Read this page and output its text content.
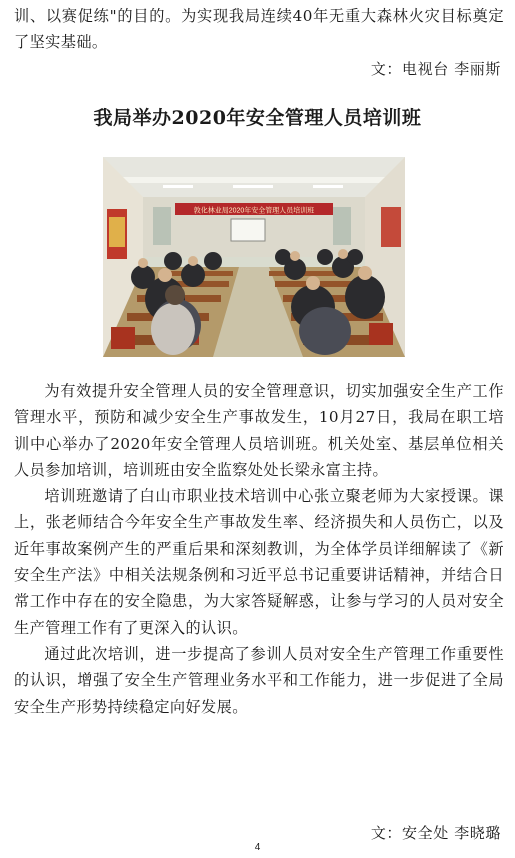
训、以赛促练"的目的。为实现我局连续40年无重大森林火灾目标奠定了坚实基础。

文：电视台 李丽斯
我局举办2020年安全管理人员培训班
敦化林业局2020年安全管理人员培训班

为有效提升安全管理人员的安全管理意识，切实加强安全生产工作管理水平，预防和减少安全生产事故发生，10月27日，我局在职工培训中心举办了2020年安全管理人员培训班。机关处室、基层单位相关人员参加培训，培训班由安全监察处处长梁永富主持。

培训班邀请了白山市职业技术培训中心张立聚老师为大家授课。课上，张老师结合今年安全生产事故发生率、经济损失和人员伤亡，以及近年事故案例产生的严重后果和深刻教训，为全体学员详细解读了《新安全生产法》中相关法规条例和习近平总书记重要讲话精神，并结合日常工作中存在的安全隐患，为大家答疑解惑，让参与学习的人员对安全生产管理工作有了更深入的认识。

通过此次培训，进一步提高了参训人员对安全生产管理工作重要性的认识，增强了安全生产管理业务水平和工作能力，进一步促进了全局安全生产形势持续稳定向好发展。

文：安全处 李晓璐
4
